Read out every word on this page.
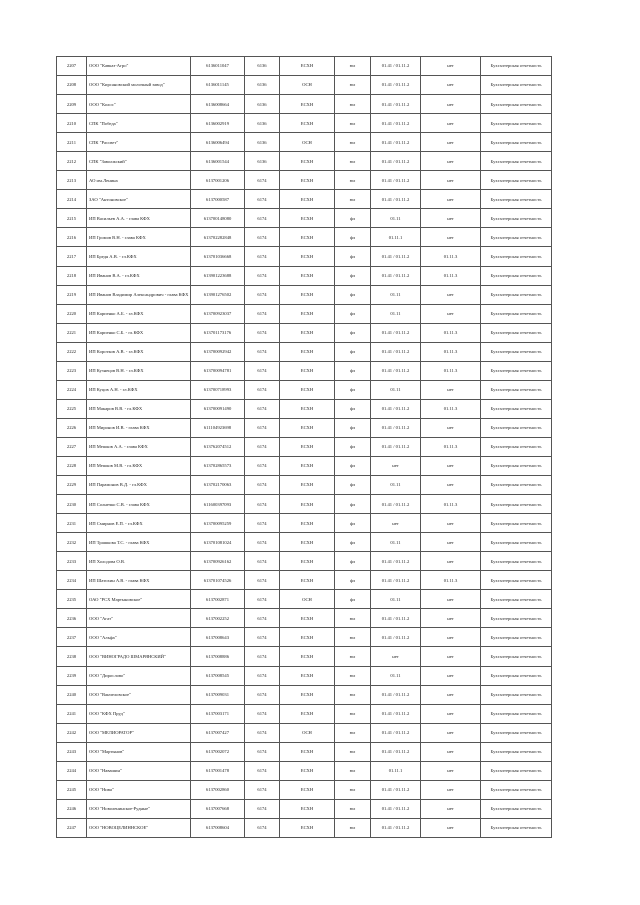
2207	ООО "Кавказ-Агро"	6136011047	6136	ЕСХН	юл	01.41 / 01.11.2	нет	Бухгалтерская отчетность
2208	ООО "Кирсановский молочный завод"	6136011145	6136	ОСН	юл	01.41 / 01.11.2	нет	Бухгалтерская отчетность
2209	ООО "Колос"	6136008664	6136	ЕСХН	юл	01.41 / 01.11.2	нет	Бухгалтерская отчетность
2210	СПК "Победа"	6136002919	6136	ЕСХН	юл	01.41 / 01.11.2	нет	Бухгалтерская отчетность
2211	СПК "Рассвет"	6136006494	6136	ОСН	юл	01.41 / 01.11.2	нет	Бухгалтерская отчетность
2212	СПК "Заволжский"	6136001544	6136	ЕСХН	юл	01.41 / 01.11.2	нет	Бухгалтерская отчетность
2213	АО им.Ленина	6137001206	6174	ЕСХН	юл	01.41 / 01.11.2	нет	Бухгалтерская отчетность
2214	ЗАО "Антоновское"	6137000587	6174	ЕСХН	юл	01.41 / 01.11.2	нет	Бухгалтерская отчетность
2215	ИП Васильев А.А. - глава КФХ	613700148080	6174	ЕСХН	фл	01.11	нет	Бухгалтерская отчетность
2216	ИП Громов В.Н. - глава КФХ	613702282848	6174	ЕСХН	фл	01.11.1	нет	Бухгалтерская отчетность
2217	ИП Бредя А.В. - гл.КФХ	613701036668	6174	ЕСХН	фл	01.41 / 01.11.2	01.11.3	Бухгалтерская отчетность
2218	ИП Иванов В.А. - гл.КФХ	613901223688	6174	ЕСХН	фл	01.41 / 01.11.2	01.11.3	Бухгалтерская отчетность
2219	ИП Иванов Владимир Александрович - глава КФХ	613901276502	6174	ЕСХН	фл	01.11	нет	Бухгалтерская отчетность
2220	ИП Карпенко А.Б. - гл.КФХ	613700923037	6174	ЕСХН	фл	01.11	нет	Бухгалтерская отчетность
2221	ИП Карпенко С.Б. - гл.КФХ	613701173176	6174	ЕСХН	фл	01.41 / 01.11.2	01.11.3	Бухгалтерская отчетность
2222	ИП Коротков А.В. - гл.КФХ	613700092942	6174	ЕСХН	фл	01.41 / 01.11.2	01.11.3	Бухгалтерская отчетность
2223	ИП Кузнецов В.Н. - гл.КФХ	613700094781	6174	ЕСХН	фл	01.41 / 01.11.2	01.11.3	Бухгалтерская отчетность
2224	ИП Куцов А.Н. - гл.КФХ	613700718993	6174	ЕСХН	фл	01.11	нет	Бухгалтерская отчетность
2225	ИП Макаров В.В. - гл.КФХ	613700091490	6174	ЕСХН	фл	01.41 / 01.11.2	01.11.3	Бухгалтерская отчетность
2226	ИП Миронов И.В. - глава КФХ	611104923698	6174	ЕСХН	фл	01.41 / 01.11.2	нет	Бухгалтерская отчетность
2227	ИП Мешков А.А. - глава КФХ	613762074512	6174	ЕСХН	фл	01.41 / 01.11.2	01.11.3	Бухгалтерская отчетность
2228	ИП Мешков М.В. - гл.КФХ	613702865573	6174	ЕСХН	фл	нет	нет	Бухгалтерская отчетность
2229	ИП Парамонов В.Д. - гл.КФХ	613702170063	6174	ЕСХН	фл	01.11	нет	Бухгалтерская отчетность
2230	ИП Солнечко С.В. - глава КФХ	611600397093	6174	ЕСХН	фл	01.41 / 01.11.2	01.11.3	Бухгалтерская отчетность
2231	ИП Смирнов Е.П. - гл.КФХ	613700095259	6174	ЕСХН	фл	нет	нет	Бухгалтерская отчетность
2232	ИП Трашкова Т.С. - глава КФХ	613701081024	6174	ЕСХН	фл	01.11	нет	Бухгалтерская отчетность
2233	ИП Холодова О.В.	613700926162	6174	ЕСХН	фл	01.41 / 01.11.2	нет	Бухгалтерская отчетность
2234	ИП Шатохин А.В. - глава КФХ	613701074526	6174	ЕСХН	фл	01.41 / 01.11.2	01.11.3	Бухгалтерская отчетность
2235	ОАО "РСХ Мартыновское"	6137002871	6174	ОСН	фл	01.11	нет	Бухгалтерская отчетность
2236	ООО "Агат"	6137002252	6174	ЕСХН	юл	01.41 / 01.11.2	нет	Бухгалтерская отчетность
2237	ООО "Альфа"	6137008643	6174	ЕСХН	юл	01.41 / 01.11.2	нет	Бухгалтерская отчетность
2238	ООО "ВИНОГРАДО ШМАРЯНСКИЙ"	6137008886	6174	ЕСХН	юл	нет	нет	Бухгалтерская отчетность
2239	ООО "Дирослово"	6137008545	6174	ЕСХН	юл	01.11	нет	Бухгалтерская отчетность
2240	ООО "Ванчеловское"	6137009031	6174	ЕСХН	юл	01.41 / 01.11.2	нет	Бухгалтерская отчетность
2241	ООО "КФХ Пруд"	6137003171	6174	ЕСХН	юл	01.41 / 01.11.2	нет	Бухгалтерская отчетность
2242	ООО "МЕЛИОРАТОР"	6137007427	6174	ОСН	юл	01.41 / 01.11.2	нет	Бухгалтерская отчетность
2243	ООО "Мартынов"	6137002072	6174	ЕСХН	юл	01.41 / 01.11.2	нет	Бухгалтерская отчетность
2244	ООО "Навашин"	6137001478	6174	ЕСХН	юл	01.11.1	нет	Бухгалтерская отчетность
2245	ООО "Нива"	6137002860	6174	ЕСХН	юл	01.41 / 01.11.2	нет	Бухгалтерская отчетность
2246	ООО "Новоленинское-Рудные"	6137007668	6174	ЕСХН	юл	01.41 / 01.11.2	нет	Бухгалтерская отчетность
2247	ООО "НОВОЦЕЛИННСКОЕ"	6137008604	6174	ЕСХН	юл	01.41 / 01.11.2	нет	Бухгалтерская отчетность
